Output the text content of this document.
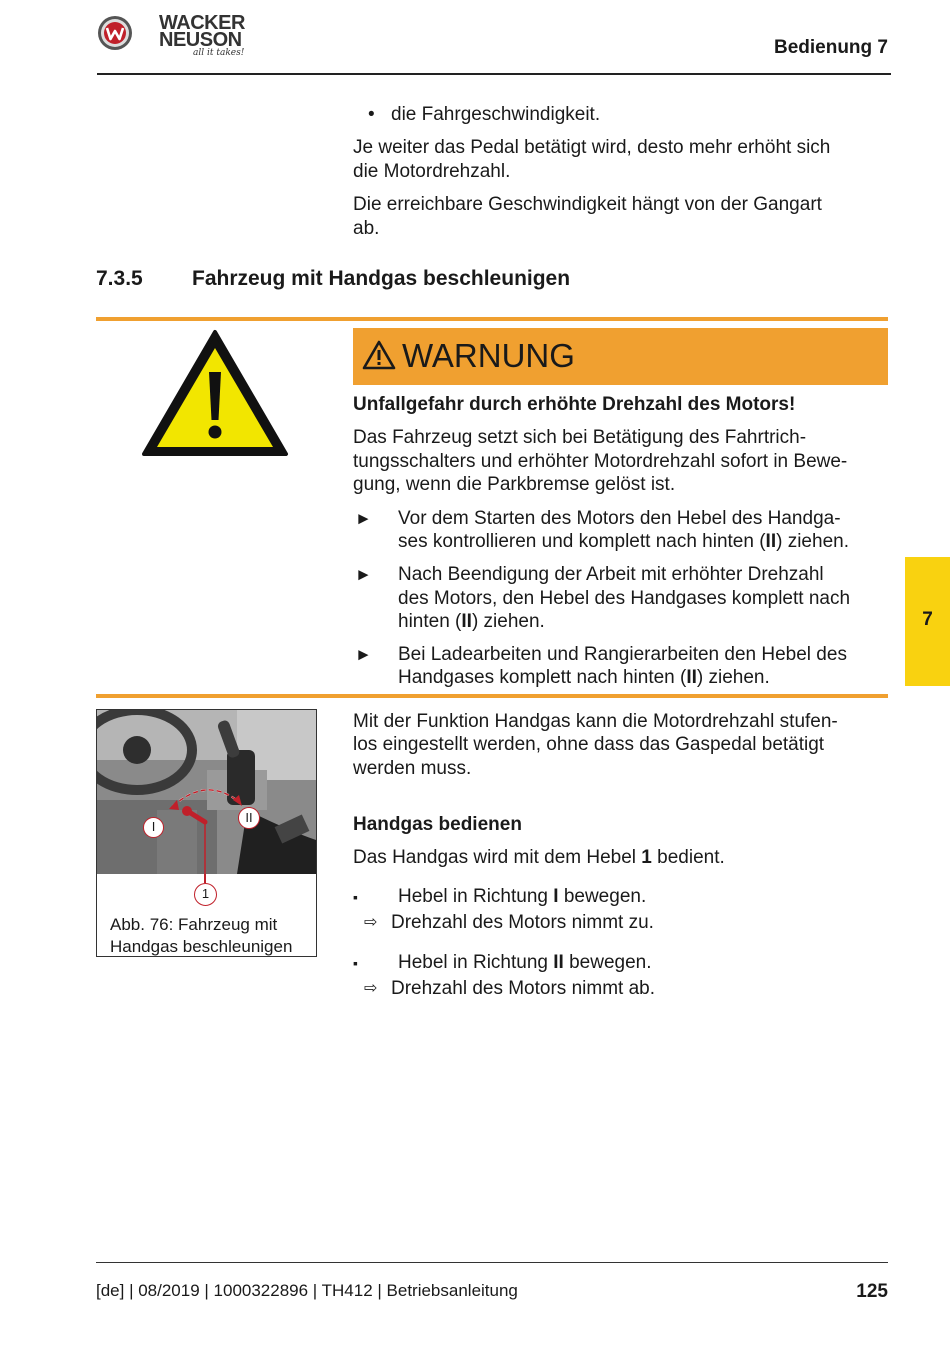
WACKER
NEUSON
all it takes!	Bedienung 7
• die Fahrgeschwindigkeit.
Je weiter das Pedal betätigt wird, desto mehr erhöht sich
die Motordrehzahl.
Die erreichbare Geschwindigkeit hängt von der Gangart
ab.
7.3.5 Fahrzeug mit Handgas beschleunigen
WARNUNG
Unfallgefahr durch erhöhte Drehzahl des Motors!
Das Fahrzeug setzt sich bei Betätigung des Fahrtrich-
tungsschalters und erhöhter Motordrehzahl sofort in Bewe-
gung, wenn die Parkbremse gelöst ist.
► Vor dem Starten des Motors den Hebel des Handga-
ses kontrollieren und komplett nach hinten (II) ziehen.
► Nach Beendigung der Arbeit mit erhöhter Drehzahl
des Motors, den Hebel des Handgases komplett nach
hinten (II) ziehen.
► Bei Ladearbeiten und Rangierarbeiten den Hebel des
Handgases komplett nach hinten (II) ziehen.
7
I
II
1
Abb. 76: Fahrzeug mit
Handgas beschleunigen
Mit der Funktion Handgas kann die Motordrehzahl stufen-
los eingestellt werden, ohne dass das Gaspedal betätigt
werden muss.
Handgas bedienen
Das Handgas wird mit dem Hebel 1 bedient.
▪ Hebel in Richtung I bewegen.
⇨ Drehzahl des Motors nimmt zu.
▪ Hebel in Richtung II bewegen.
⇨ Drehzahl des Motors nimmt ab.
[de] | 08/2019 | 1000322896 | TH412 | Betriebsanleitung	125
